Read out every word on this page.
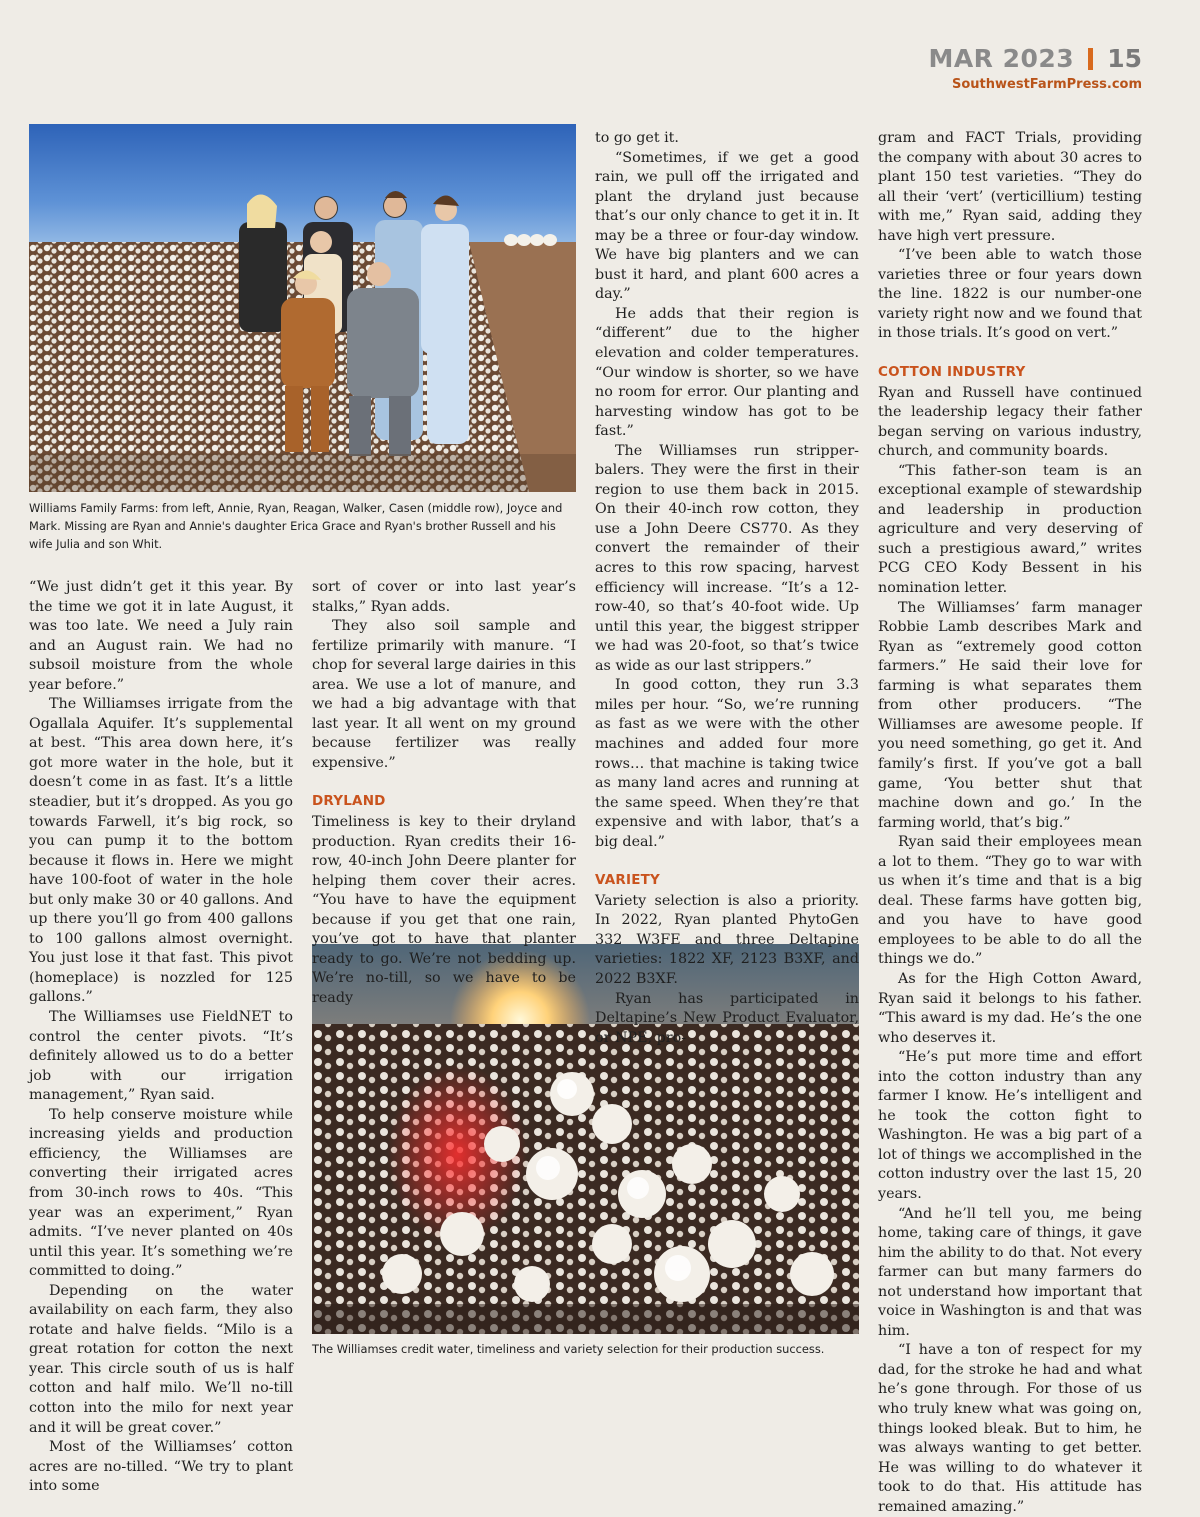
MAR 2023 15
SouthwestFarmPress.com
Williams Family Farms: from left, Annie, Ryan, Reagan, Walker, Casen (middle row), Joyce and Mark. Missing are Ryan and Annie's daughter Erica Grace and Ryan's brother Russell and his wife Julia and son Whit.
The Williamses credit water, timeliness and variety selection for their production success.

“We just didn’t get it this year. By the time we got it in late August, it was too late. We need a July rain and an August rain. We had no subsoil moisture from the whole year before.”

The Williamses irrigate from the Ogallala Aquifer. It’s supplemental at best. “This area down here, it’s got more water in the hole, but it doesn’t come in as fast. It’s a little steadier, but it’s dropped. As you go towards Farwell, it’s big rock, so you can pump it to the bottom because it flows in. Here we might have 100-foot of water in the hole but only make 30 or 40 gallons. And up there you’ll go from 400 gallons to 100 gallons almost overnight. You just lose it that fast. This pivot (homeplace) is nozzled for 125 gallons.”

The Williamses use FieldNET to control the center pivots. “It’s definitely allowed us to do a better job with our irrigation management,” Ryan said.

To help conserve moisture while increasing yields and production efficiency, the Williamses are converting their irrigated acres from 30-inch rows to 40s. “This year was an experiment,” Ryan admits. “I’ve never planted on 40s until this year. It’s something we’re committed to doing.”

Depending on the water availability on each farm, they also rotate and halve fields. “Milo is a great rotation for cotton the next year. This circle south of us is half cotton and half milo. We’ll no-till cotton into the milo for next year and it will be great cover.”

Most of the Williamses’ cotton acres are no-tilled. “We try to plant into some

sort of cover or into last year’s stalks,” Ryan adds.

They also soil sample and fertilize primarily with manure. “I chop for several large dairies in this area. We use a lot of manure, and we had a big advantage with that last year. It all went on my ground because fertilizer was really expensive.”

DRYLAND

Timeliness is key to their dryland production. Ryan credits their 16-row, 40-inch John Deere planter for helping them cover their acres. “You have to have the equipment because if you get that one rain, you’ve got to have that planter ready to go. We’re not bedding up. We’re no-till, so we have to be ready

to go get it.

“Sometimes, if we get a good rain, we pull off the irrigated and plant the dryland just because that’s our only chance to get it in. It may be a three or four-day window. We have big planters and we can bust it hard, and plant 600 acres a day.”

He adds that their region is “different” due to the higher elevation and colder temperatures. “Our window is shorter, so we have no room for error. Our planting and harvesting window has got to be fast.”

The Williamses run stripper-balers. They were the first in their region to use them back in 2015. On their 40-inch row cotton, they use a John Deere CS770. As they convert the remainder of their acres to this row spacing, harvest efficiency will increase. “It’s a 12-row-40, so that’s 40-foot wide. Up until this year, the biggest stripper we had was 20-foot, so that’s twice as wide as our last strippers.”

In good cotton, they run 3.3 miles per hour. “So, we’re running as fast as we were with the other machines and added four more rows… that machine is taking twice as many land acres and running at the same speed. When they’re that expensive and with labor, that’s a big deal.”

VARIETY

Variety selection is also a priority. In 2022, Ryan planted PhytoGen 332 W3FE and three Deltapine varieties: 1822 XF, 2123 B3XF, and 2022 B3XF.

Ryan has participated in Deltapine’s New Product Evaluator, or NPE, pro-

gram and FACT Trials, providing the company with about 30 acres to plant 150 test varieties. “They do all their ‘vert’ (verticillium) testing with me,” Ryan said, adding they have high vert pressure.

“I’ve been able to watch those varieties three or four years down the line. 1822 is our number-one variety right now and we found that in those trials. It’s good on vert.”

COTTON INDUSTRY

Ryan and Russell have continued the leadership legacy their father began serving on various industry, church, and community boards.

“This father-son team is an exceptional example of stewardship and leadership in production agriculture and very deserving of such a prestigious award,” writes PCG CEO Kody Bessent in his nomination letter.

The Williamses’ farm manager Robbie Lamb describes Mark and Ryan as “extremely good cotton farmers.” He said their love for farming is what separates them from other producers. “The Williamses are awesome people. If you need something, go get it. And family’s first. If you’ve got a ball game, ‘You better shut that machine down and go.’ In the farming world, that’s big.”

Ryan said their employees mean a lot to them. “They go to war with us when it’s time and that is a big deal. These farms have gotten big, and you have to have good employees to be able to do all the things we do.”

As for the High Cotton Award, Ryan said it belongs to his father. “This award is my dad. He’s the one who deserves it.

“He’s put more time and effort into the cotton industry than any farmer I know. He’s intelligent and he took the cotton fight to Washington. He was a big part of a lot of things we accomplished in the cotton industry over the last 15, 20 years.

“And he’ll tell you, me being home, taking care of things, it gave him the ability to do that. Not every farmer can but many farmers do not understand how important that voice in Washington is and that was him.

“I have a ton of respect for my dad, for the stroke he had and what he’s gone through. For those of us who truly knew what was going on, things looked bleak. But to him, he was always wanting to get better. He was willing to do whatever it took to do that. His attitude has remained amazing.”
